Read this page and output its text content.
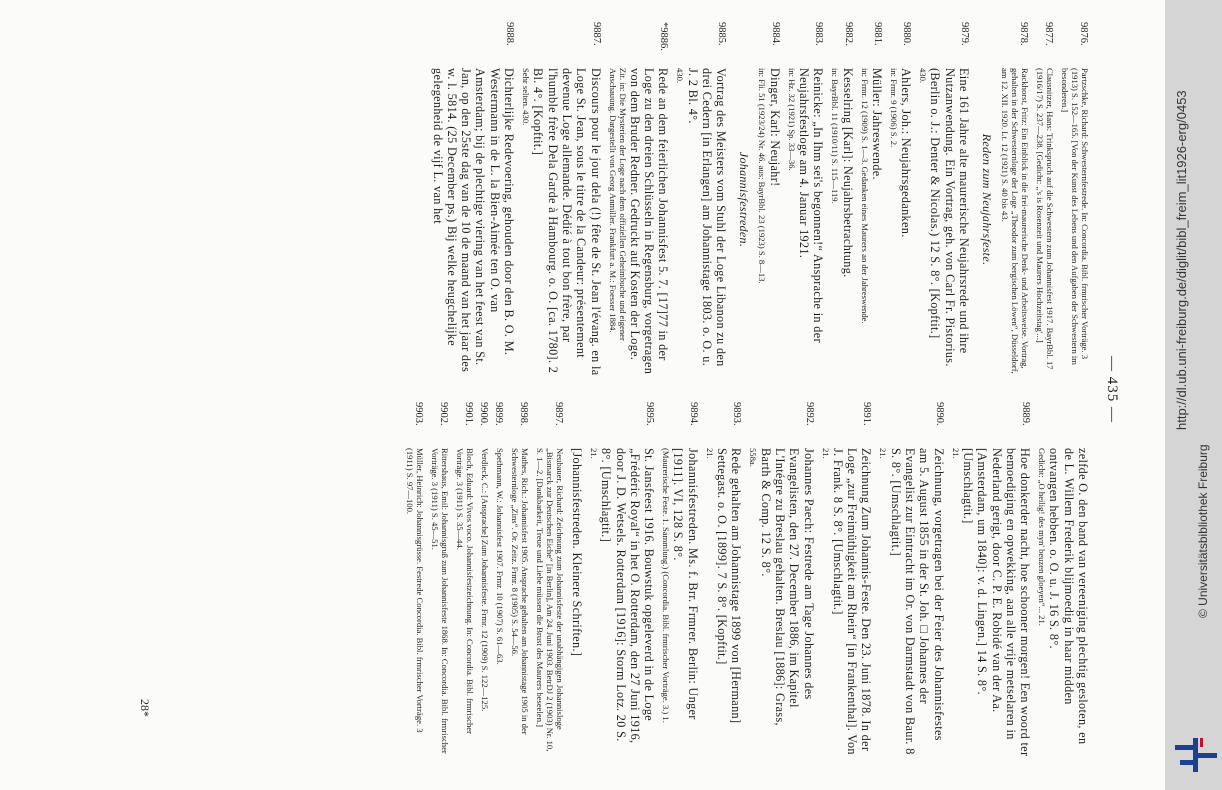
— 435 —
9876.
Partzschke, Richard: Schwesternfestrede. In: Concordia. Bibl. frmrischer Vorträge. 3 (1913) S. 152—165. [Von der Kunst des Lebens und den Aufgaben der Schwestern im besonderen.]
9877.
Clausnitzer, Hans: Trinkspruch auf die Schwestern zum Johannisfest 1917. BayrBbl. 17 (1916/17) S. 237—238. [Gedicht: „'s is Rosenzeit und Maurers Hochzeitstag'...]
9878.
Rackhorst, Fritz: Ein Einblick in die frei-maurerische Denk- und Arbeitsweise. Vortrag, gehalten in der Schwesternloge der Loge „Theodor zum bergischen Löwen“, Düsseldorf, am 12. XII. 1920. Lt. 12 (1921) S. 40 bis 43.
Reden zum Neujahrsfeste.
9879.
Eine 161 Jahre alte maurerische Neujahrsrede und ihre Nutzanwendung. Ein Vortrag, geh. von Carl Fr. Pistorius. (Berlin o. J.: Denter & Nicolas.) 12 S. 8°. [Kopftit.]
430.
9880.
Ahlers, Joh.: Neujahrsgedanken.
in: Frmr. 9 (1906) S. 2.
9881.
Müller: Jahreswende.
in: Frmr. 12 (1909) S. 1—3. Gedanken eines Maurers an der Jahreswende.
9882.
Kesselring [Karl]: Neujahrsbetrachtung.
in: BayrBbl. 11 (1910/11) S. 115—119.
9883.
Reinicke: „In Ihm sei's begonnen!“ Ansprache in der Neujahrsfestloge am 4. Januar 1921.
in: Hz. 32 (1921) Sp. 33—36.
9884.
Dinger, Karl: Neujahr!
in: Fli. 51 (1923/24) Nr. 46. aus: BayrBbl. 23 (1923) S. 8—13.
Johannisfestreden.
9885.
Vortrag des Meisters vom Stuhl der Loge Libanon zu den drei Cedern [in Erlangen] am Johannistage 1803. o. O. u. J. 2 Bl. 4°.
430.
*9886.
Rede an dem feierlichen Johannisfest 5. 7. [17]77 in der Loge zu den dreien Schlüsseln in Regensburg, vorgetragen von dem Bruder Redner. Gedruckt auf Kosten der Loge.
Zit. in: Die Mysterien der Loge nach dem offiziellen Geheimbuche und eigener Anschauung. Dargestellt von Georg Anmiller. Frankfurt a. M.: Foesser 1884.
9887.
Discours pour le jour dela (!) fête de St. Jean l'évang. en la Loge St. Jean, sous le titre de la Candeur: présentement devenue Loge allemande. Dédié à tout bon frère, par l'humble frère Dela Garde à Hambourg. o. O. [ca. 1780]. 2 Bl. 4°. [Kopftit.]
Sehr selten. 430.
9888.
Dichterlijke Redevoering, gehouden door den B. O. M. Westermann in de L. la Bien-Aimée ten O. van Amsterdam; bij de plechtige viering van het feest van St. Jan, op den 25ste dag van de 10 de maand van het jaar des w. l. 5814. (25 December ps.) Bij welke heugchelijke gelegenheid de vijf L. van het
zelfde O. den band van vereeniging plechtig gesloten, en de L. Willem Frederik blijmoedig in haar midden ontvangen hebben. o. O. u. J. 16 S. 8°.
Gedicht: „O heilig! des myn' beuzen gloeyen“... 21.
9889.
Hoe donkerder nacht, hoe schooner morgen! Een woord ter bemoediging en opwekking, aan alle vrije metselaren in Nederland gerigt, door C. P. E. Robidé van der Aa. [Amsterdam, um 1840]: v. d. Lingen.] 14 S. 8°. [Umschlagtit.]
21.
9890.
Zeichnung, vorgetragen bei der Feier des Johannisfestes am 5. August 1855 in der St. Joh. □ Johannes der Evangelist zur Eintracht im Or. von Darmstadt von Baur. 8 S. 8°. [Umschlagtit.]
21.
9891.
Zeichnung Zum Johannis-Feste. Den 23. Juni 1878. In der Loge „zur Freimüthigkeit am Rhein“ [in Frankenthal]. Von J. Frank. 8 S. 8°. [Umschlagtit.]
21.
9892.
Johannes Paech: Festrede am Tage Johannes des Evangelisten, den 27. December 1886, im Kapitel L'Intégre zu Breslau gehalten. Breslau [1886]: Grass, Barth & Comp. 12 S. 8°.
558a.
9893.
Rede gehalten am Johannistage 1899 von [Hermann] Settegast. o. O. [1899]. 7 S. 8°. [Kopftit.]
21.
9894.
Johannisfestreden. Ms. f. Brr. Frmrer. Berlin: Unger [1911]. VI, 128 S. 8°.
(Maurerische Feste. 1. Sammlung.) (Concordia. Bibl. frmrischer Vorträge. 3.) 1.
9895.
St. Jansfeest 1916. Bouwstuk opgeleverd in de Loge „Frédéric Royal“ in het O. Rotterdam, den 27 Juni 1916, door J. D. Wetsels. Rotterdam [1916]: Storm Lotz. 20 S. 8°. [Umschlagtit.]
21.
[Johannisfestreden. Kleinere Schriften.]
9897.
Neubauer, Richard: Zeichnung zum Johannisfeste der unabhängigen Johannisloge „Bismarck zur Deutschen Eiche“ [in Berlin], Am 24. Juni 1903. BetrDJ 2 (1903) Nr. 10, S. 1—2. [Dankbarkeit, Treue und Liebe müssen die Brust des Maurers beseelen.]
9898.
Mathes, Rich.: Johannisfest 1905. Ansprache gehalten am Johannistage 1905 in der Schwesternloge „Zins“. Or. Zeitz. Frmr. 8 (1905) S. 54—56.
9899.
Spethmann, W.: Johannisfest 1907. Frmr. 10 (1907) S. 61—63.
9900.
Verdieck, C.: [Ansprache] Zum Johannisfeste. Frmr. 12 (1909) S. 122—125.
9901.
Bloch, Eduard: Vivos voco. Johannisfestzeichnung. In: Concordia. Bibl. frmrischer Vorträge. 3 (1911) S. 35—44.
9902.
Rittershaus, Emil: Johannisgruß zum Johannisfeste 1868. In: Concordia. Bibl. frmrischer Vorträge. 3 (1911) S. 45—51.
9903.
Müller, Heinrich: Johannisgrüsse. Festrede Concordia. Bibl. frmrischer Vorträge. 3 (1911) S. 97—100.
28*
http://dl.ub.uni-freiburg.de/diglit/bibl_freim_lit1926-erg/0453
© Universitätsbibliothek Freiburg
